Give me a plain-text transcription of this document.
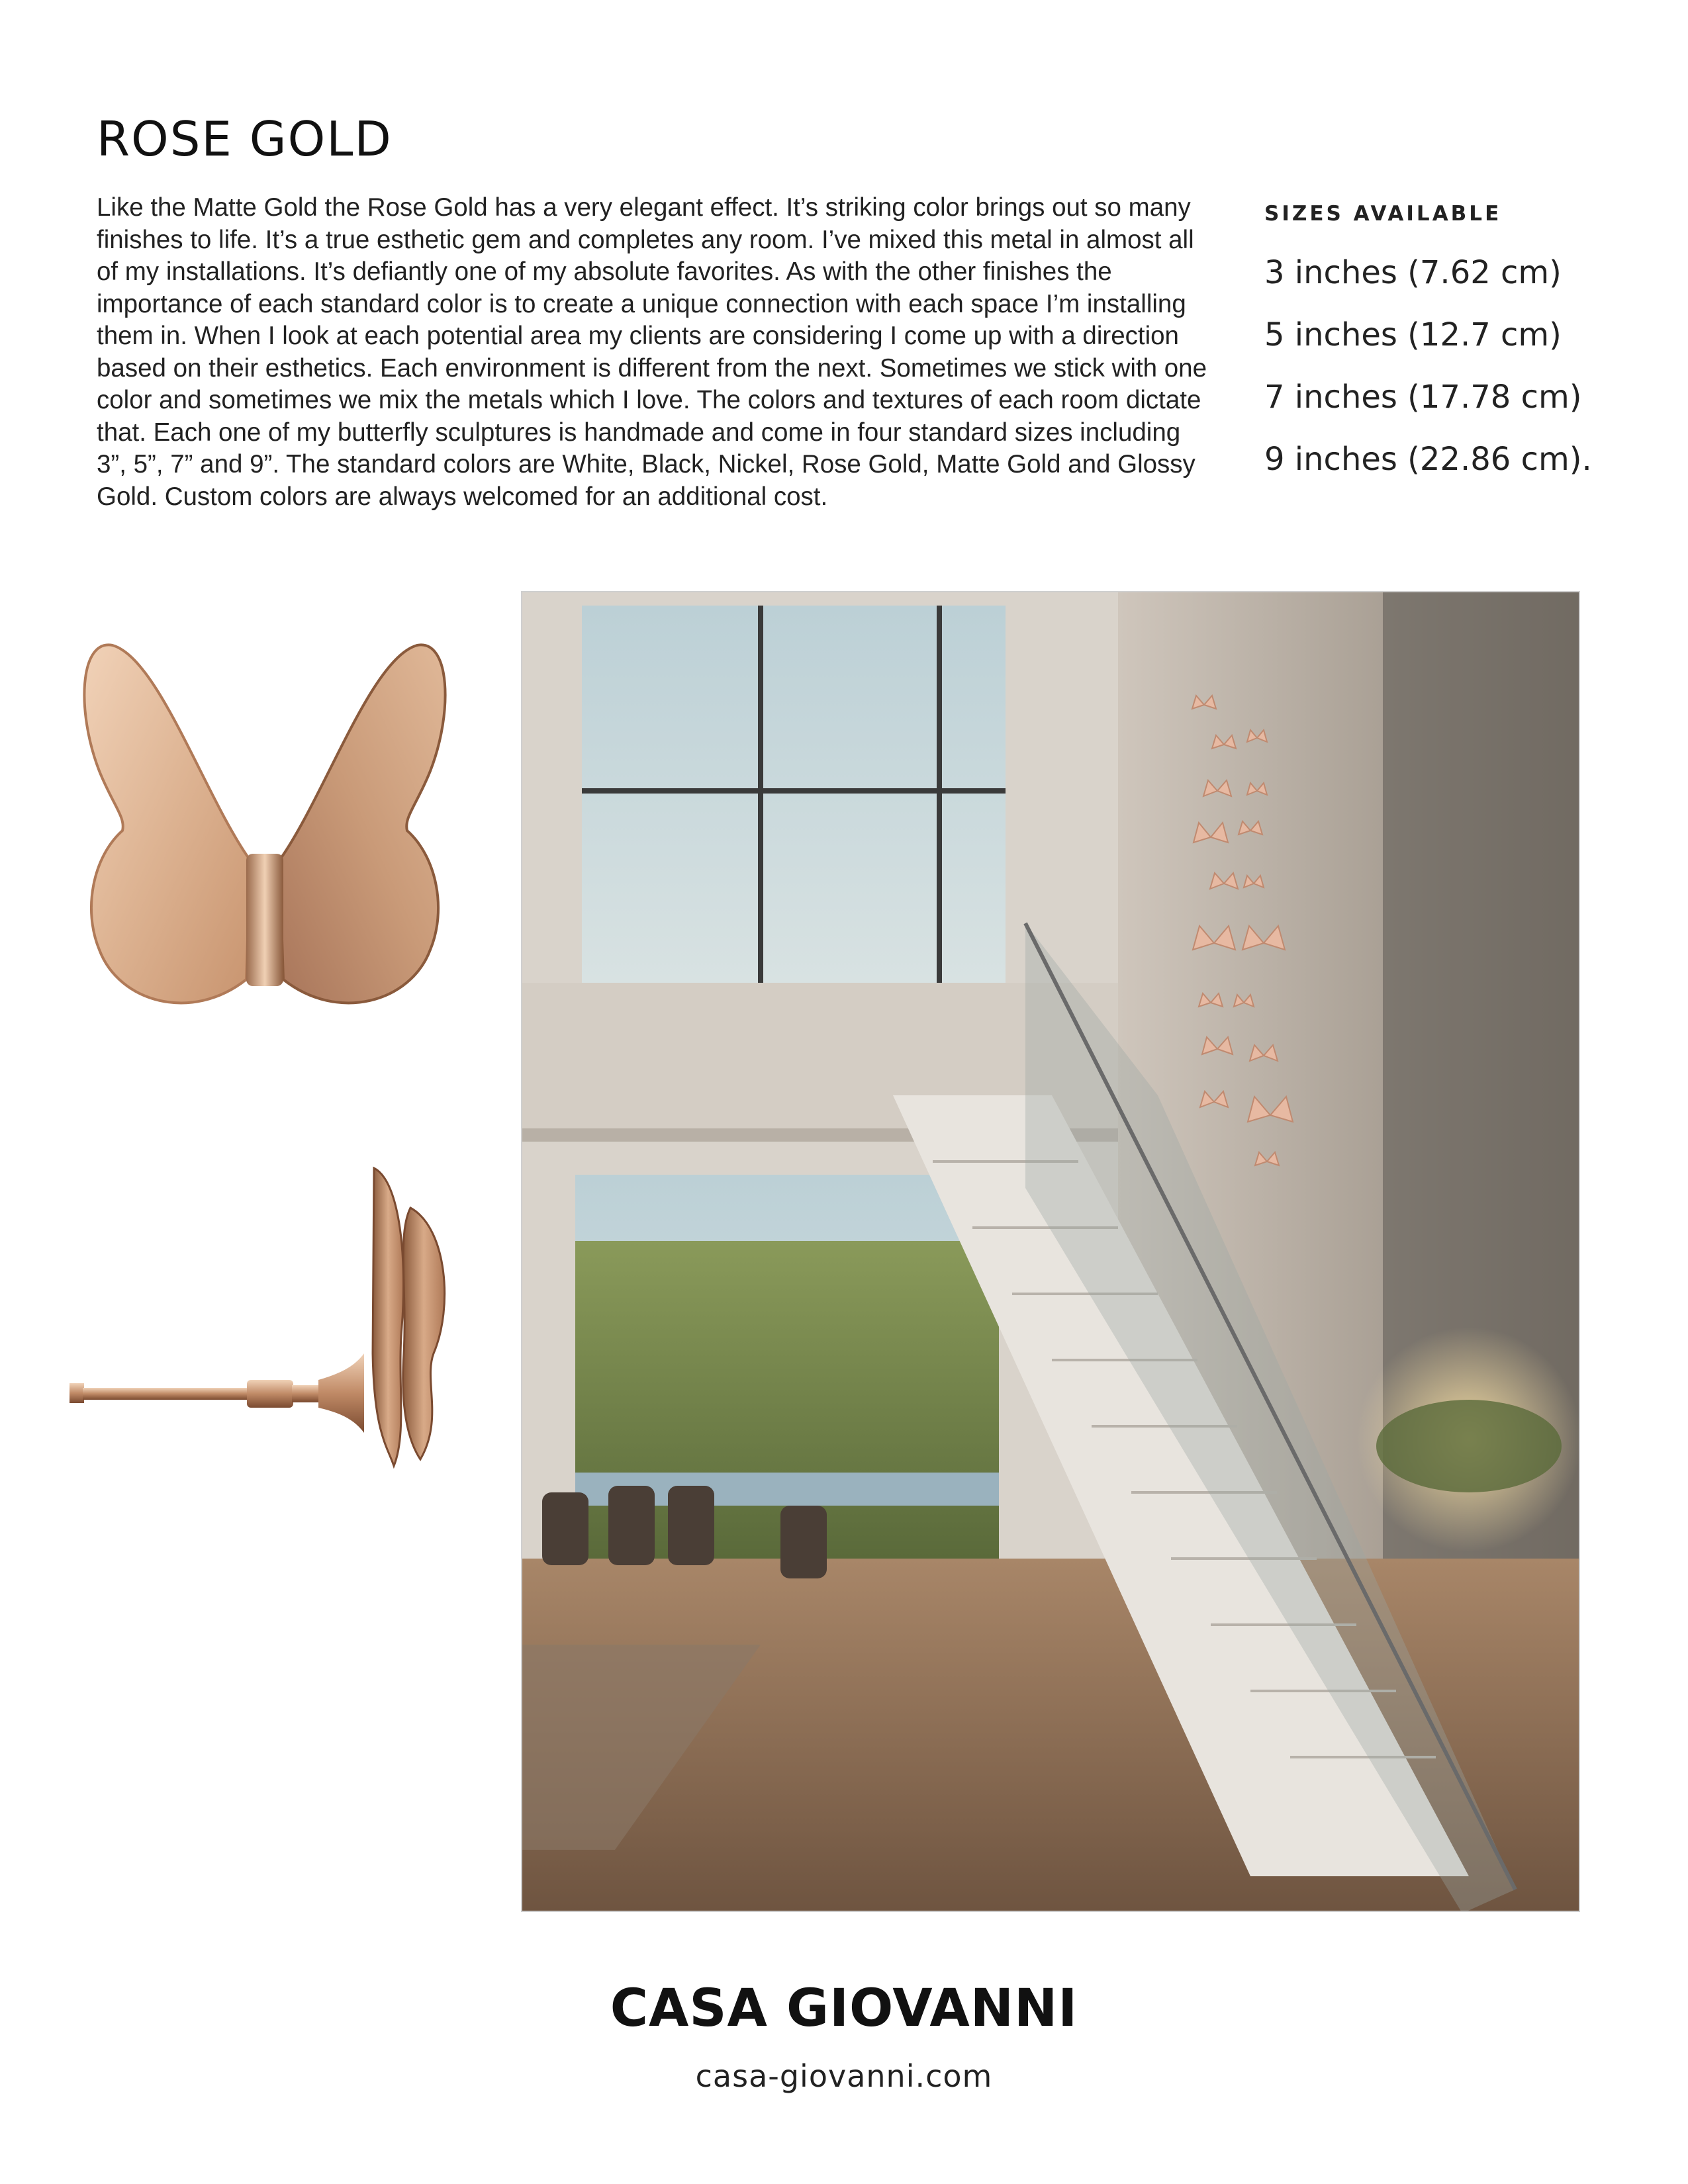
ROSE GOLD

Like the Matte Gold the Rose Gold has a very elegant effect. It’s striking color brings out so many finishes to life. It’s a true esthetic gem and completes any room. I’ve mixed this metal in almost all of my installations. It’s defiantly one of my absolute favorites. As with the other finishes the importance of each standard color is to create a unique connection with each space I’m installing them in. When I look at each potential area my clients are considering I come up with a direction based on their esthetics. Each environment is different from the next. Sometimes we stick with one color and sometimes we mix the metals which I love. The colors and textures of each room dictate that. Each one of my butterfly sculptures is handmade and come in four standard sizes including 3”, 5”, 7” and 9”. The standard colors are White, Black, Nickel, Rose Gold, Matte Gold and Glossy Gold. Custom colors are always welcomed for an additional cost.

SIZES AVAILABLE
3 inches (7.62 cm)
5 inches (12.7 cm)
7 inches (17.78 cm)
9 inches (22.86 cm).
CASA GIOVANNI
casa-giovanni.com
